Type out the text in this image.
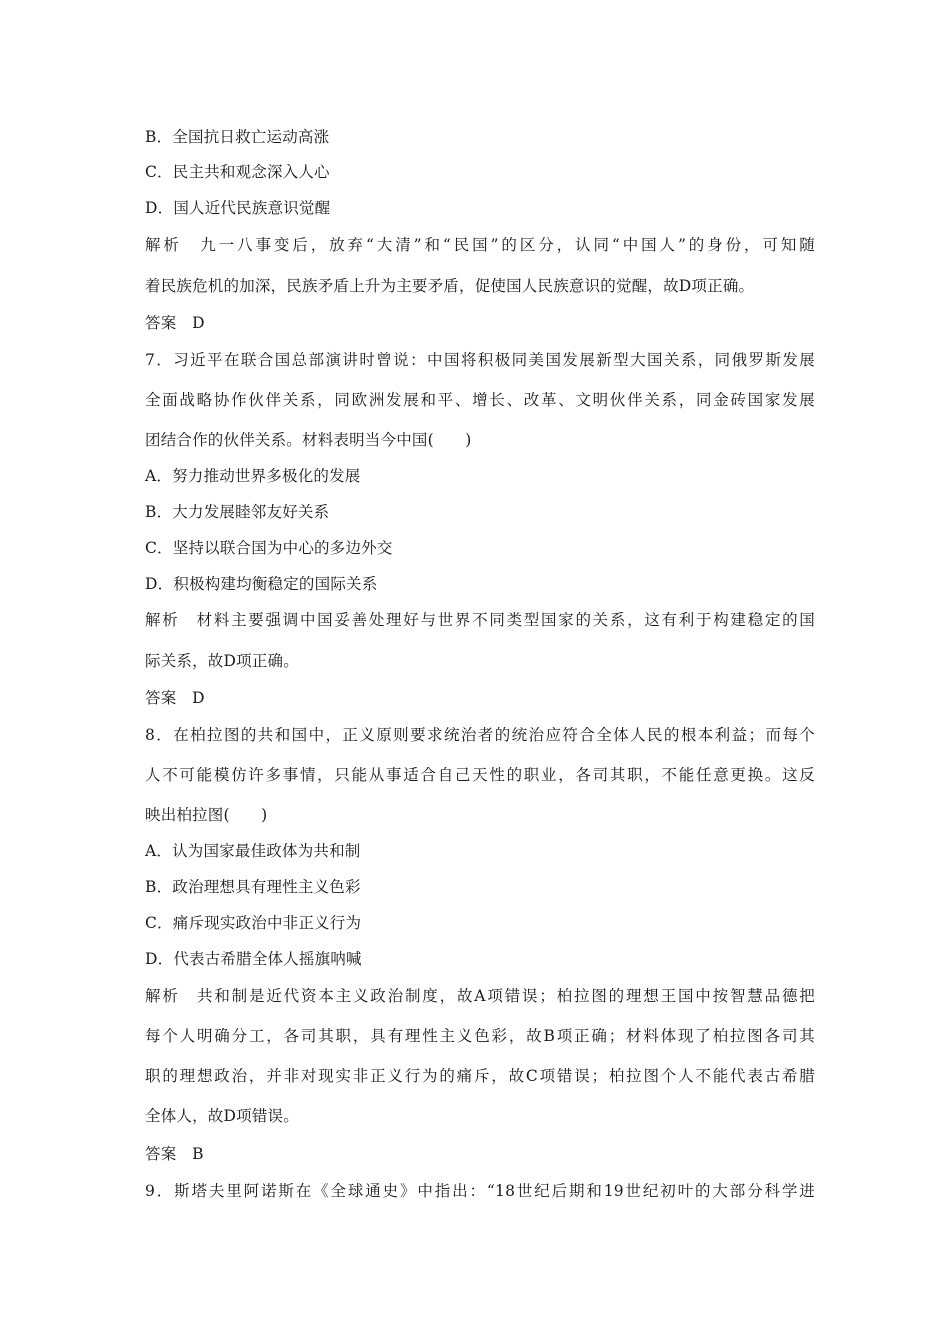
B．全国抗日救亡运动高涨
C．民主共和观念深入人心
D．国人近代民族意识觉醒
解析　九一八事变后，放弃“大清”和“民国”的区分，认同“中国人”的身份，可知随
着民族危机的加深，民族矛盾上升为主要矛盾，促使国人民族意识的觉醒，故D项正确。
答案　D
7．习近平在联合国总部演讲时曾说：中国将积极同美国发展新型大国关系，同俄罗斯发展
全面战略协作伙伴关系，同欧洲发展和平、增长、改革、文明伙伴关系，同金砖国家发展
团结合作的伙伴关系。材料表明当今中国(　　)
A．努力推动世界多极化的发展
B．大力发展睦邻友好关系
C．坚持以联合国为中心的多边外交
D．积极构建均衡稳定的国际关系
解析　材料主要强调中国妥善处理好与世界不同类型国家的关系，这有利于构建稳定的国
际关系，故D项正确。
答案　D
8．在柏拉图的共和国中，正义原则要求统治者的统治应符合全体人民的根本利益；而每个
人不可能模仿许多事情，只能从事适合自己天性的职业，各司其职，不能任意更换。这反
映出柏拉图(　　)
A．认为国家最佳政体为共和制
B．政治理想具有理性主义色彩
C．痛斥现实政治中非正义行为
D．代表古希腊全体人摇旗呐喊
解析　共和制是近代资本主义政治制度，故A项错误；柏拉图的理想王国中按智慧品德把
每个人明确分工，各司其职，具有理性主义色彩，故B项正确；材料体现了柏拉图各司其
职的理想政治，并非对现实非正义行为的痛斥，故C项错误；柏拉图个人不能代表古希腊
全体人，故D项错误。
答案　B
9．斯塔夫里阿诺斯在《全球通史》中指出：“18世纪后期和19世纪初叶的大部分科学进
